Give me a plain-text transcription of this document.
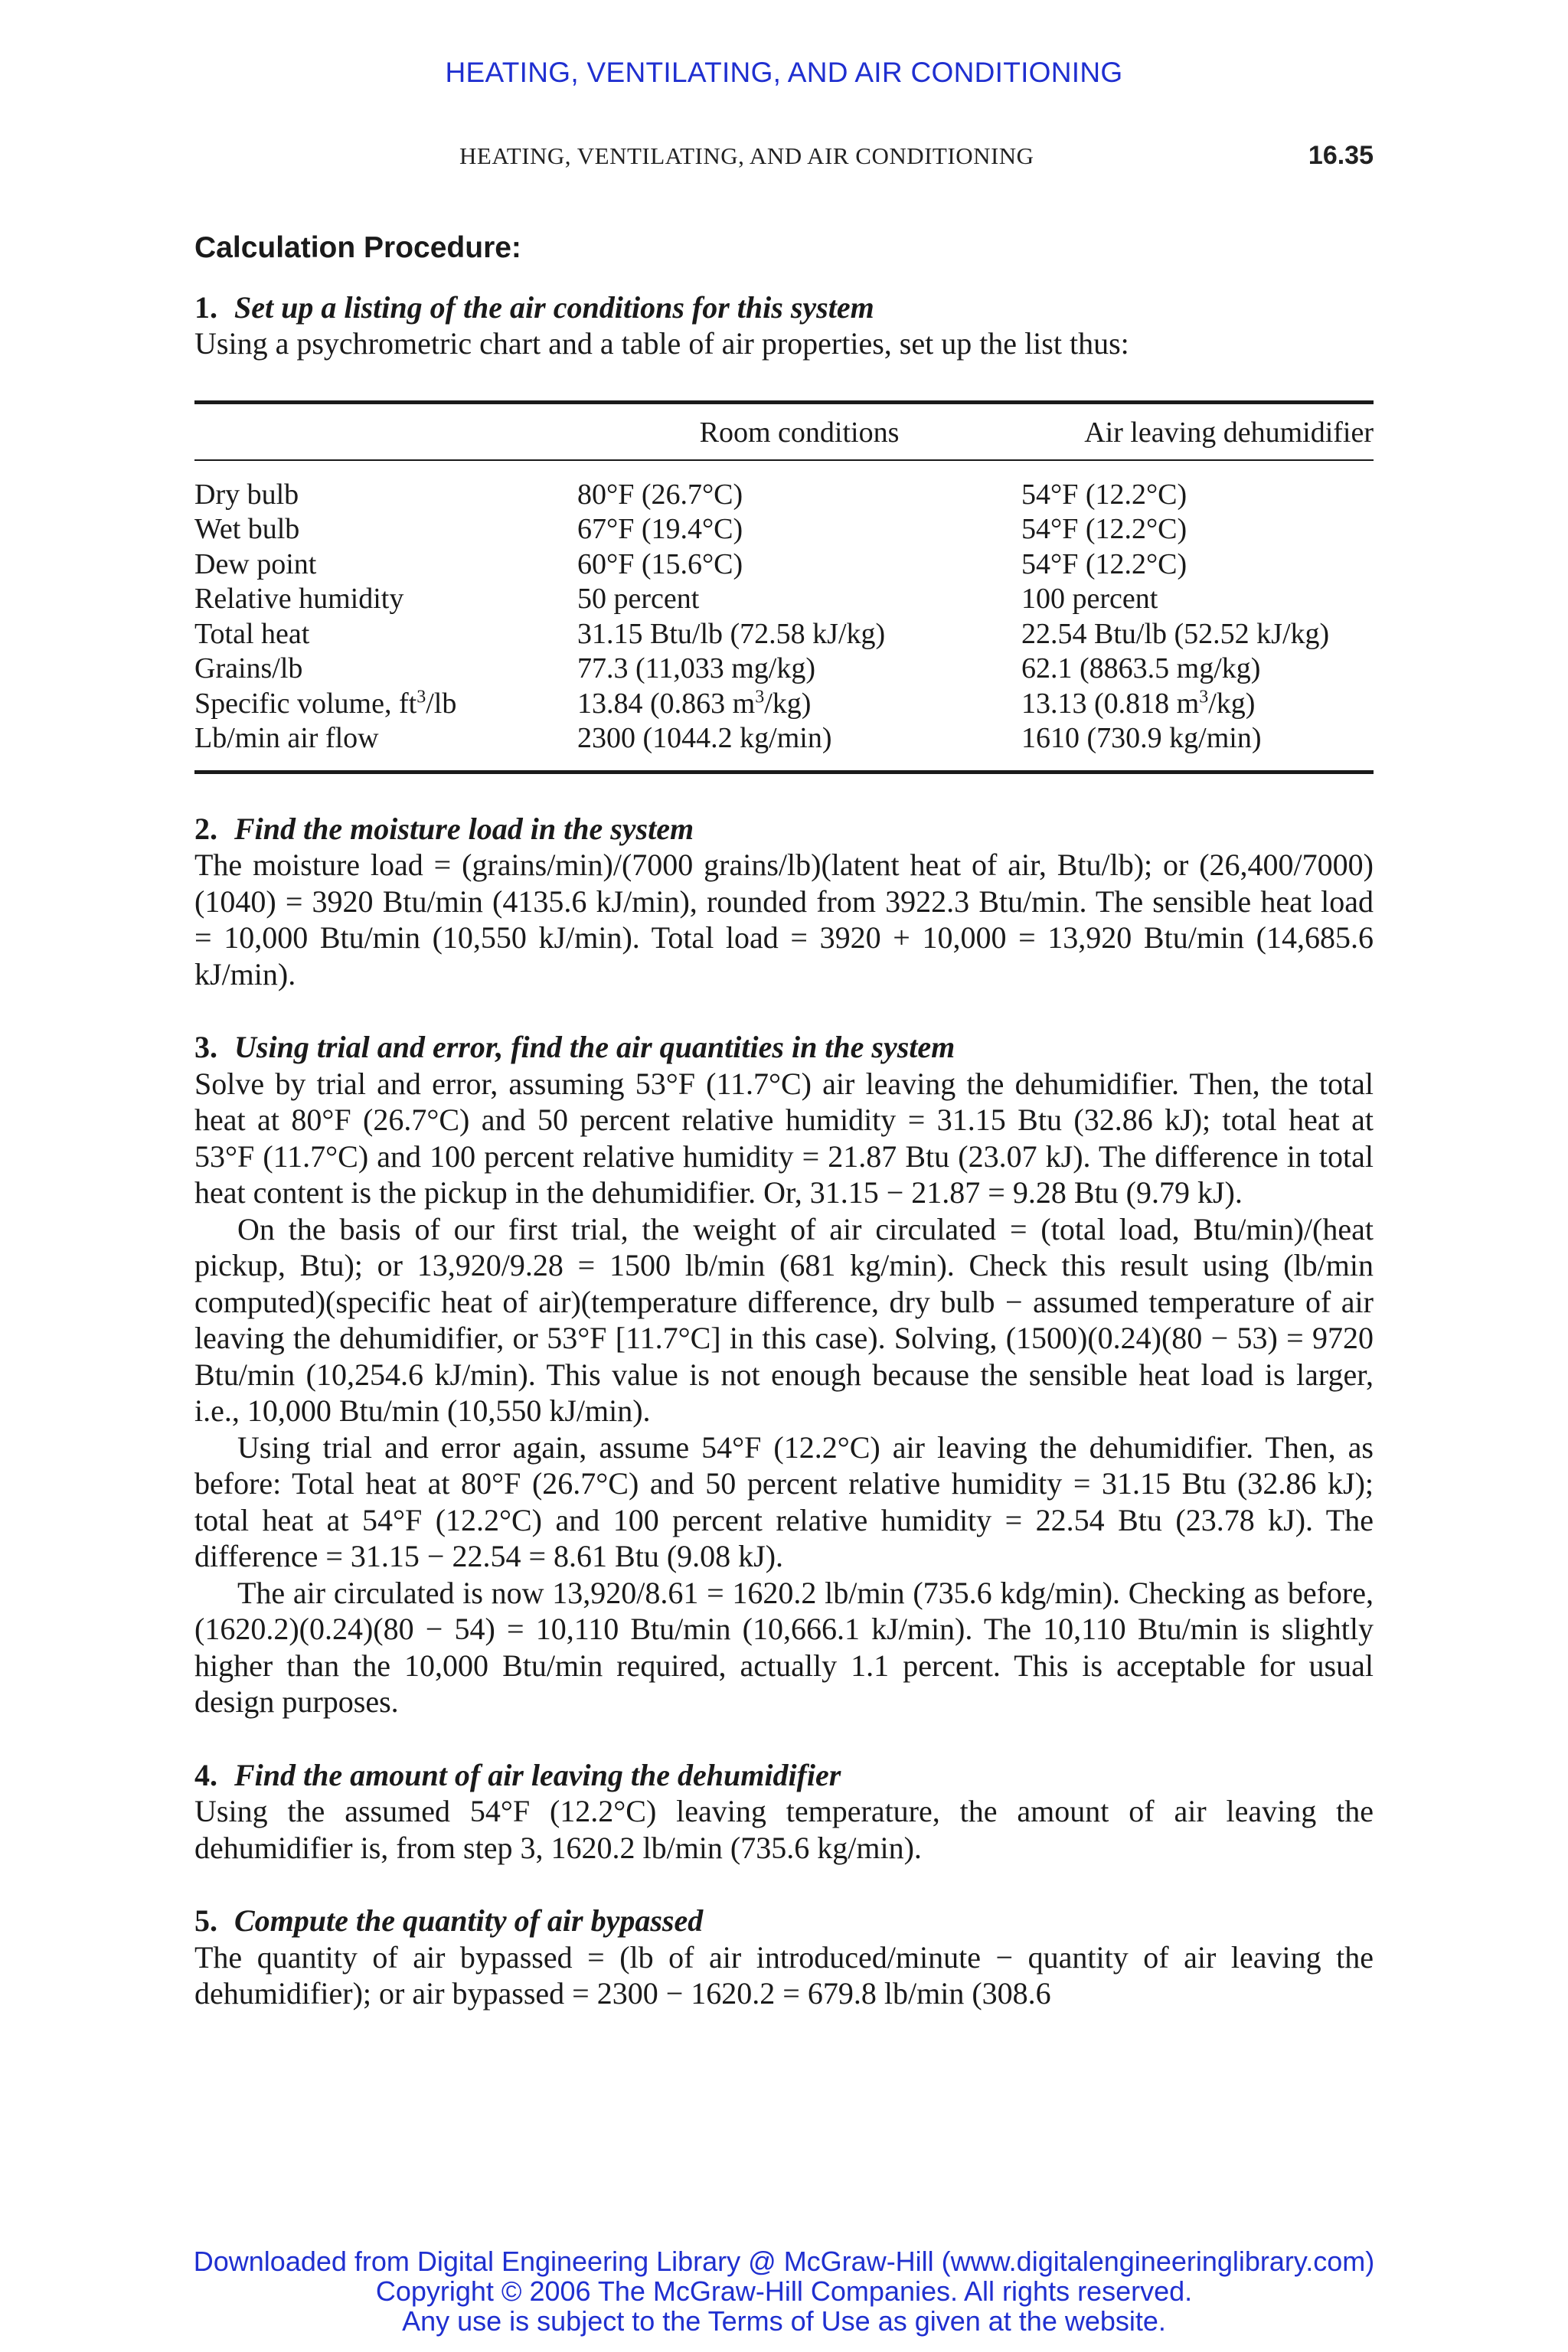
HEATING, VENTILATING, AND AIR CONDITIONING
HEATING, VENTILATING, AND AIR CONDITIONING	16.35
Calculation Procedure:
1. Set up a listing of the air conditions for this system

Using a psychrometric chart and a table of air properties, set up the list thus:

	Room conditions	Air leaving dehumidifier
Dry bulb	80°F (26.7°C)	54°F (12.2°C)
Wet bulb	67°F (19.4°C)	54°F (12.2°C)
Dew point	60°F (15.6°C)	54°F (12.2°C)
Relative humidity	50 percent	100 percent
Total heat	31.15 Btu/lb (72.58 kJ/kg)	22.54 Btu/lb (52.52 kJ/kg)
Grains/lb	77.3 (11,033 mg/kg)	62.1 (8863.5 mg/kg)
Specific volume, $ft^3/lb$	13.84 (0.863 $m^3/kg$)	13.13 (0.818 $m^3/kg$)
Lb/min air flow	2300 (1044.2 kg/min)	1610 (730.9 kg/min)
2. Find the moisture load in the system

The moisture load = (grains/min)/(7000 grains/lb)(latent heat of air, Btu/lb); or (26,400/7000)(1040) = 3920 Btu/min (4135.6 kJ/min), rounded from 3922.3 Btu/min. The sensible heat load = 10,000 Btu/min (10,550 kJ/min). Total load = 3920 + 10,000 = 13,920 Btu/min (14,685.6 kJ/min).

3. Using trial and error, find the air quantities in the system

Solve by trial and error, assuming 53°F (11.7°C) air leaving the dehumidifier. Then, the total heat at 80°F (26.7°C) and 50 percent relative humidity = 31.15 Btu (32.86 kJ); total heat at 53°F (11.7°C) and 100 percent relative humidity = 21.87 Btu (23.07 kJ). The difference in total heat content is the pickup in the dehumidifier. Or, 31.15 − 21.87 = 9.28 Btu (9.79 kJ).

On the basis of our first trial, the weight of air circulated = (total load, Btu/min)/(heat pickup, Btu); or 13,920/9.28 = 1500 lb/min (681 kg/min). Check this result using (lb/min computed)(specific heat of air)(temperature difference, dry bulb − assumed temperature of air leaving the dehumidifier, or 53°F [11.7°C] in this case). Solving, (1500)(0.24)(80 − 53) = 9720 Btu/min (10,254.6 kJ/min). This value is not enough because the sensible heat load is larger, i.e., 10,000 Btu/min (10,550 kJ/min).

Using trial and error again, assume 54°F (12.2°C) air leaving the dehumidifier. Then, as before: Total heat at 80°F (26.7°C) and 50 percent relative humidity = 31.15 Btu (32.86 kJ); total heat at 54°F (12.2°C) and 100 percent relative humidity = 22.54 Btu (23.78 kJ). The difference = 31.15 − 22.54 = 8.61 Btu (9.08 kJ).

The air circulated is now 13,920/8.61 = 1620.2 lb/min (735.6 kdg/min). Checking as before, (1620.2)(0.24)(80 − 54) = 10,110 Btu/min (10,666.1 kJ/min). The 10,110 Btu/min is slightly higher than the 10,000 Btu/min required, actually 1.1 percent. This is acceptable for usual design purposes.

4. Find the amount of air leaving the dehumidifier

Using the assumed 54°F (12.2°C) leaving temperature, the amount of air leaving the dehumidifier is, from step 3, 1620.2 lb/min (735.6 kg/min).

5. Compute the quantity of air bypassed

The quantity of air bypassed = (lb of air introduced/minute − quantity of air leaving the dehumidifier); or air bypassed = 2300 − 1620.2 = 679.8 lb/min (308.6

Downloaded from Digital Engineering Library @ McGraw-Hill (www.digitalengineeringlibrary.com)
Copyright © 2006 The McGraw-Hill Companies. All rights reserved.
Any use is subject to the Terms of Use as given at the website.
